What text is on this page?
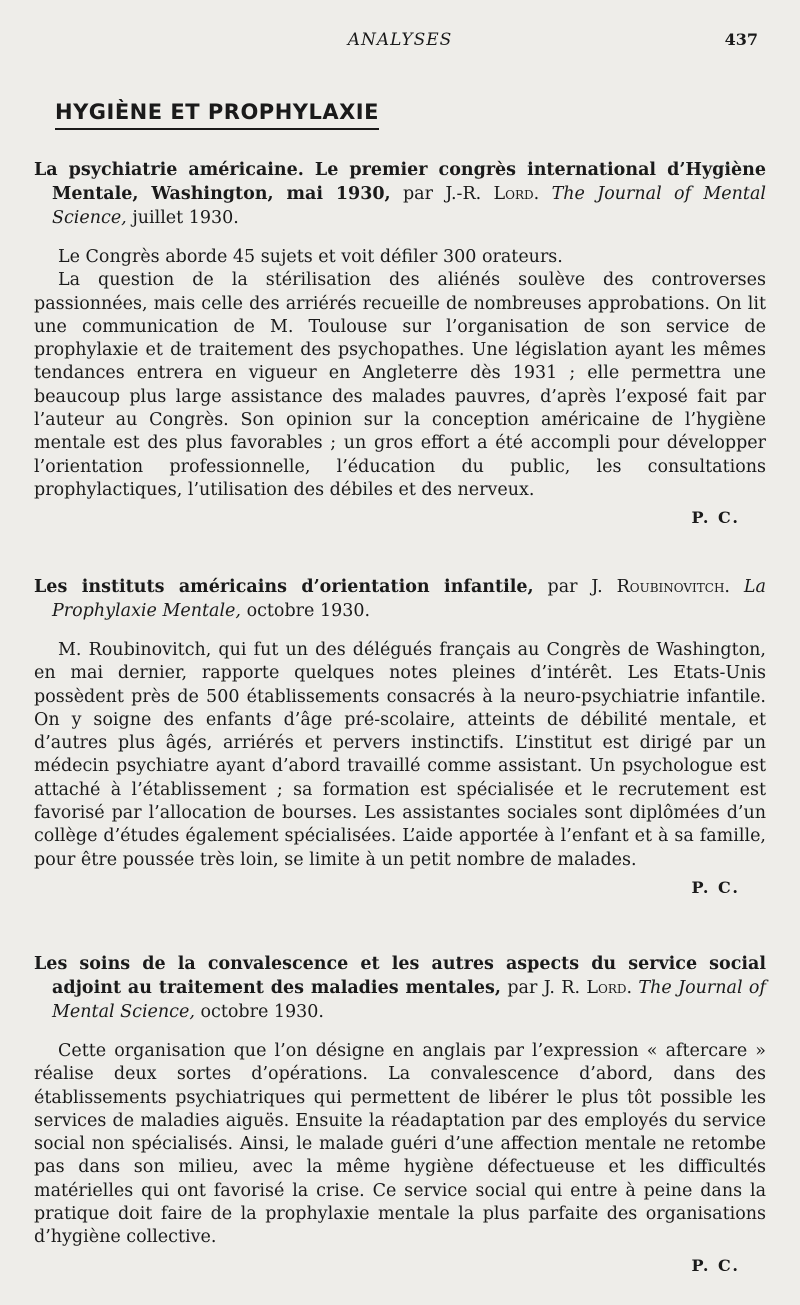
ANALYSES	437
HYGIÈNE ET PROPHYLAXIE

La psychiatrie américaine. Le premier congrès international d’Hygiène Mentale, Washington, mai 1930, par J.-R. Lord. The Journal of Mental Science, juillet 1930.

Le Congrès aborde 45 sujets et voit défiler 300 orateurs.

La question de la stérilisation des aliénés soulève des controverses passionnées, mais celle des arriérés recueille de nombreuses approbations. On lit une communication de M. Toulouse sur l’organisation de son service de prophylaxie et de traitement des psychopathes. Une législation ayant les mêmes tendances entrera en vigueur en Angleterre dès 1931 ; elle permettra une beaucoup plus large assistance des malades pauvres, d’après l’exposé fait par l’auteur au Congrès. Son opinion sur la conception américaine de l’hygiène mentale est des plus favorables ; un gros effort a été accompli pour développer l’orientation professionnelle, l’éducation du public, les consultations prophylactiques, l’utilisation des débiles et des nerveux.

P. C.

Les instituts américains d’orientation infantile, par J. Roubinovitch. La Prophylaxie Mentale, octobre 1930.

M. Roubinovitch, qui fut un des délégués français au Congrès de Washington, en mai dernier, rapporte quelques notes pleines d’intérêt. Les Etats-Unis possèdent près de 500 établissements consacrés à la neuro-psychiatrie infantile. On y soigne des enfants d’âge pré-scolaire, atteints de débilité mentale, et d’autres plus âgés, arriérés et pervers instinctifs. L’institut est dirigé par un médecin psychiatre ayant d’abord travaillé comme assistant. Un psychologue est attaché à l’établissement ; sa formation est spécialisée et le recrutement est favorisé par l’allocation de bourses. Les assistantes sociales sont diplômées d’un collège d’études également spécialisées. L’aide apportée à l’enfant et à sa famille, pour être poussée très loin, se limite à un petit nombre de malades.

P. C.

Les soins de la convalescence et les autres aspects du service social adjoint au traitement des maladies mentales, par J. R. Lord. The Journal of Mental Science, octobre 1930.

Cette organisation que l’on désigne en anglais par l’expression « aftercare » réalise deux sortes d’opérations. La convalescence d’abord, dans des établissements psychiatriques qui permettent de libérer le plus tôt possible les services de maladies aiguës. Ensuite la réadaptation par des employés du service social non spécialisés. Ainsi, le malade guéri d’une affection mentale ne retombe pas dans son milieu, avec la même hygiène défectueuse et les difficultés matérielles qui ont favorisé la crise. Ce service social qui entre à peine dans la pratique doit faire de la prophylaxie mentale la plus parfaite des organisations d’hygiène collective.

P. C.
